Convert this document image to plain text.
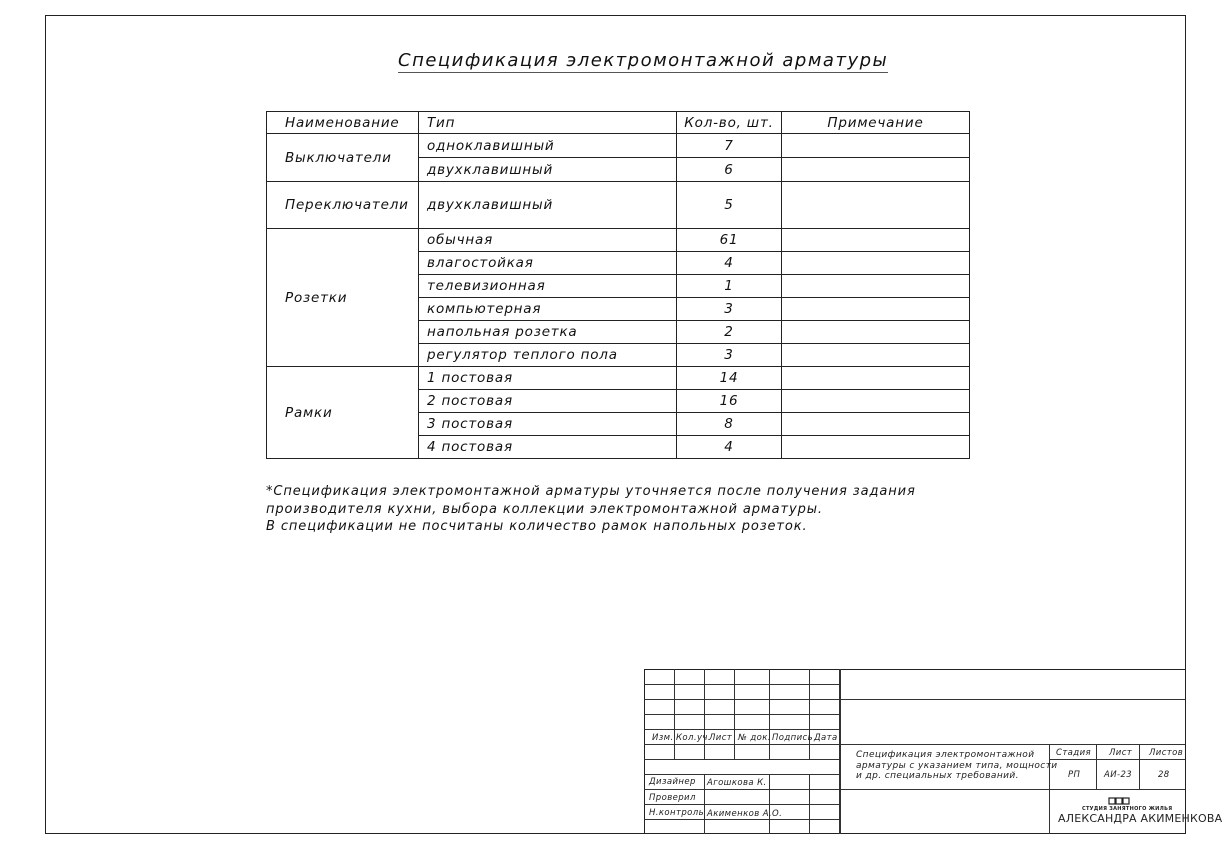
Спецификация электромонтажной арматуры
Наименование	Тип	Кол-во, шт.	Примечание
Выключатели	одноклавишный	7	
	двухклавишный	6	
Переключатели	двухклавишный	5	
Розетки	обычная	61	
	влагостойкая	4	
	телевизионная	1	
	компьютерная	3	
	напольная розетка	2	
	регулятор теплого пола	3	
Рамки	1 постовая	14	
	2 постовая	16	
	3 постовая	8	
	4 постовая	4	
*Спецификация электромонтажной арматуры уточняется после получения задания
производителя кухни, выбора коллекции электромонтажной арматуры.
В спецификации не посчитаны количество рамок напольных розеток.
Изм. Кол.уч.
Лист № док. Подпись Дата
Дизайнер Агошкова К.
Проверил
Н.контроль Акименков А.О.
Спецификация электромонтажной
арматуры с указанием типа, мощности
и др. специальных требований.
Стадия Лист Листов
РП	АИ-23	28
СТУДИЯ ЗАНЯТНОГО ЖИЛЬЯ
АЛЕКСАНДРА АКИМЕНКОВА
